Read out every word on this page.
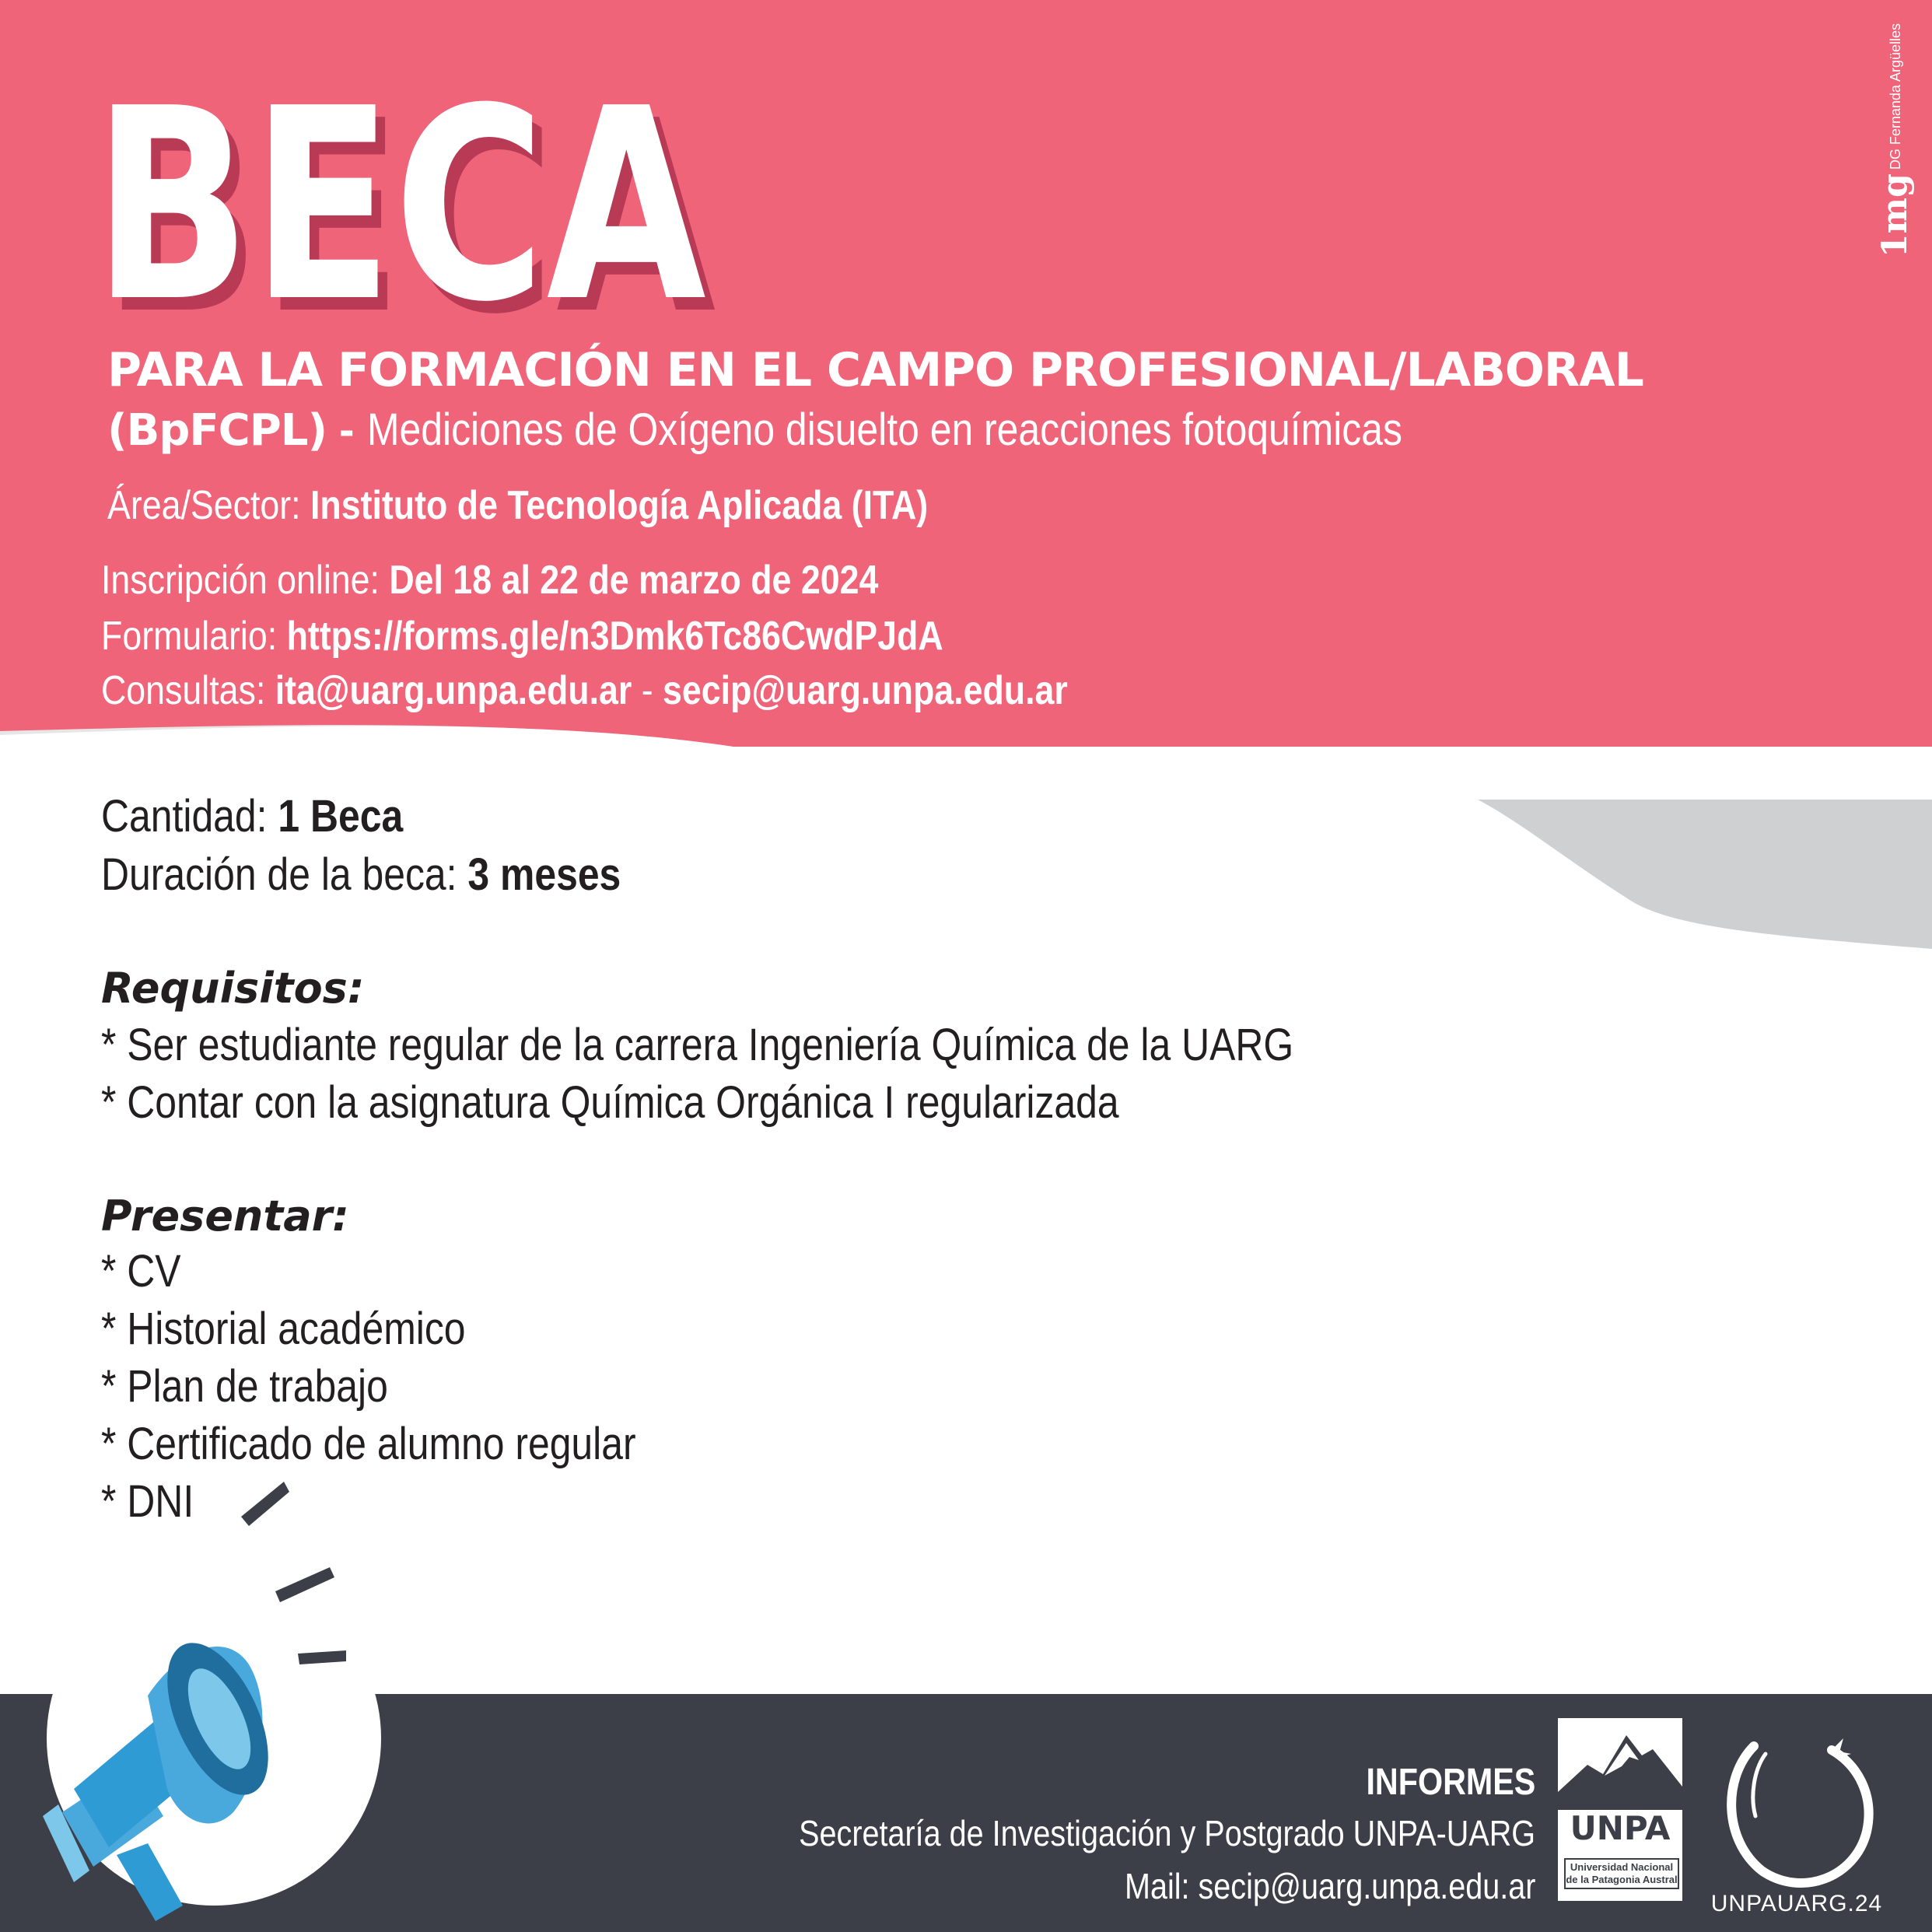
1mg DG Fernanda Argüelles
BECA
PARA LA FORMACIÓN EN EL CAMPO PROFESIONAL/LABORAL
(BpFCPL) - Mediciones de Oxígeno disuelto en reacciones fotoquímicas
Área/Sector: Instituto de Tecnología Aplicada (ITA)
Inscripción online: Del 18 al 22 de marzo de 2024
Formulario: https://forms.gle/n3Dmk6Tc86CwdPJdA
Consultas: ita@uarg.unpa.edu.ar - secip@uarg.unpa.edu.ar
Cantidad: 1 Beca
Duración de la beca: 3 meses
Requisitos:
* Ser estudiante regular de la carrera Ingeniería Química de la UARG
* Contar con la asignatura Química Orgánica I regularizada
Presentar:
* CV
* Historial académico
* Plan de trabajo
* Certificado de alumno regular
* DNI
INFORMES
Secretaría de Investigación y Postgrado UNPA-UARG
Mail: secip@uarg.unpa.edu.ar
UNPA
Universidad Nacional
de la Patagonia Austral
UNPAUARG.24
